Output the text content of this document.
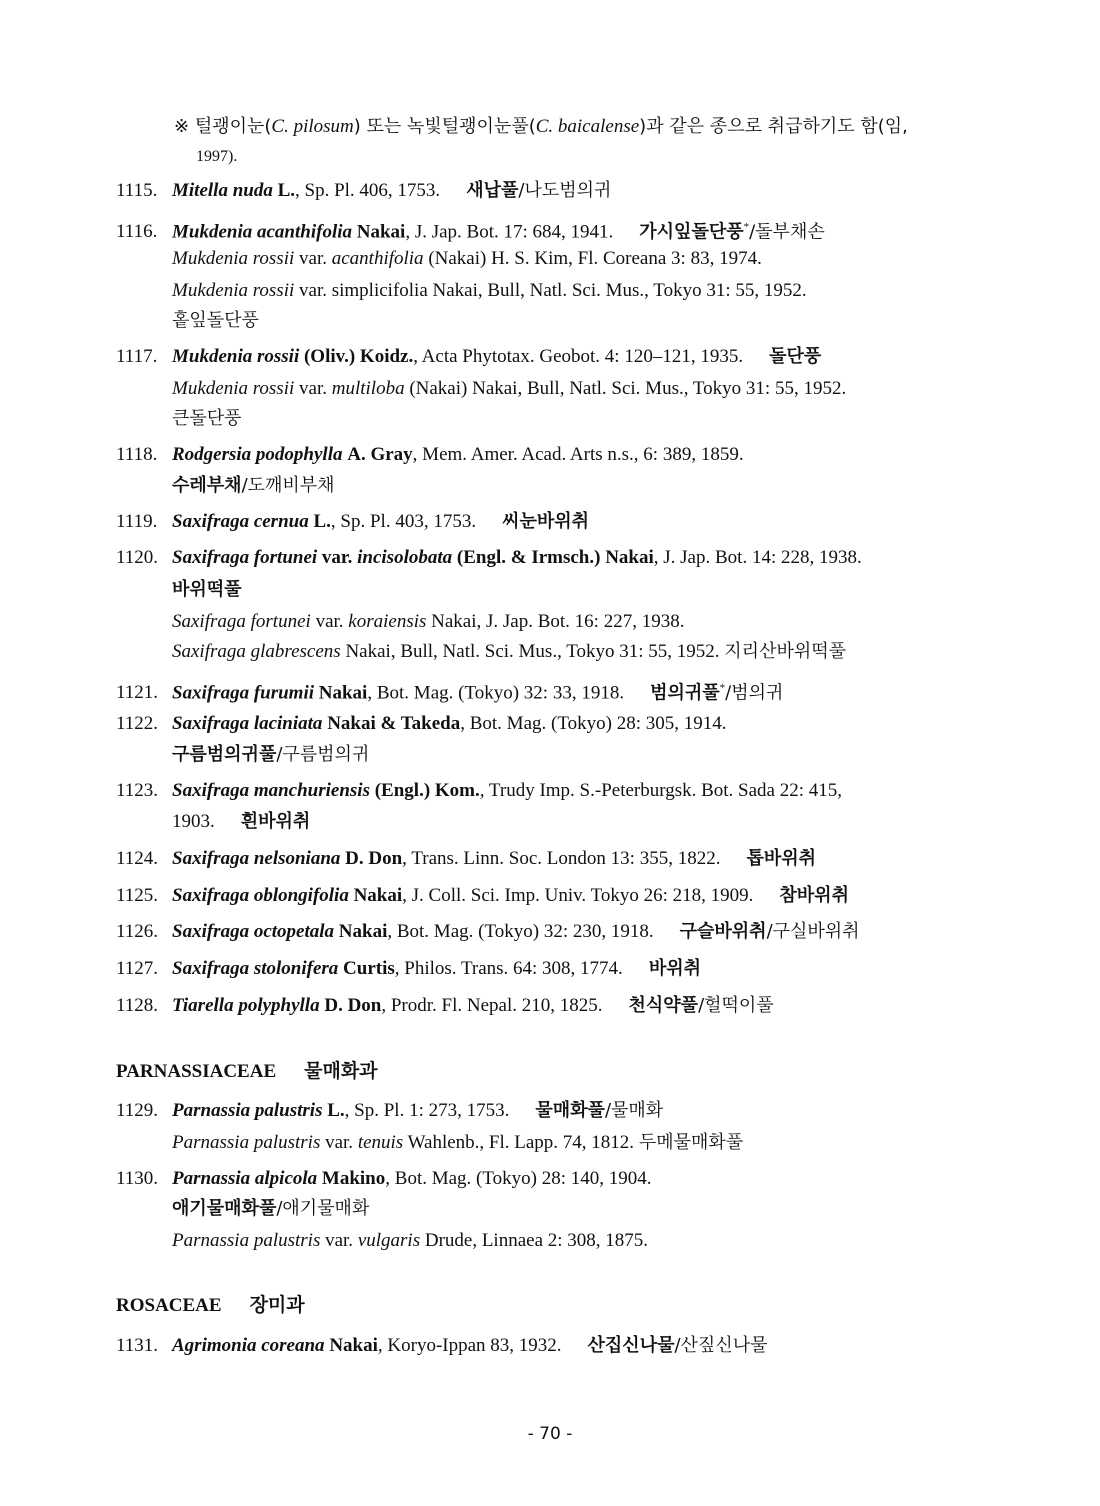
※ 털괭이눈(C. pilosum) 또는 녹빛털괭이눈풀(C. baicalense)과 같은 종으로 취급하기도 함(임,
1997).
1115. Mitella nuda L., Sp. Pl. 406, 1753. 새납풀/나도범의귀
1116. Mukdenia acanthifolia Nakai, J. Jap. Bot. 17: 684, 1941. 가시잎돌단풍*/돌부채손
Mukdenia rossii var. acanthifolia (Nakai) H. S. Kim, Fl. Coreana 3: 83, 1974.
Mukdenia rossii var. simplicifolia Nakai, Bull, Natl. Sci. Mus., Tokyo 31: 55, 1952.
홑잎돌단풍
1117. Mukdenia rossii (Oliv.) Koidz., Acta Phytotax. Geobot. 4: 120‒121, 1935. 돌단풍
Mukdenia rossii var. multiloba (Nakai) Nakai, Bull, Natl. Sci. Mus., Tokyo 31: 55, 1952.
큰돌단풍
1118. Rodgersia podophylla A. Gray, Mem. Amer. Acad. Arts n.s., 6: 389, 1859.
수레부채/도깨비부채
1119. Saxifraga cernua L., Sp. Pl. 403, 1753. 씨눈바위취
1120. Saxifraga fortunei var. incisolobata (Engl. & Irmsch.) Nakai, J. Jap. Bot. 14: 228, 1938.
바위떡풀
Saxifraga fortunei var. koraiensis Nakai, J. Jap. Bot. 16: 227, 1938.
Saxifraga glabrescens Nakai, Bull, Natl. Sci. Mus., Tokyo 31: 55, 1952. 지리산바위떡풀
1121. Saxifraga furumii Nakai, Bot. Mag. (Tokyo) 32: 33, 1918. 범의귀풀*/범의귀
1122. Saxifraga laciniata Nakai & Takeda, Bot. Mag. (Tokyo) 28: 305, 1914.
구름범의귀풀/구름범의귀
1123. Saxifraga manchuriensis (Engl.) Kom., Trudy Imp. S.-Peterburgsk. Bot. Sada 22: 415,
1903. 흰바위취
1124. Saxifraga nelsoniana D. Don, Trans. Linn. Soc. London 13: 355, 1822. 톱바위취
1125. Saxifraga oblongifolia Nakai, J. Coll. Sci. Imp. Univ. Tokyo 26: 218, 1909. 참바위취
1126. Saxifraga octopetala Nakai, Bot. Mag. (Tokyo) 32: 230, 1918. 구슬바위취/구실바위취
1127. Saxifraga stolonifera Curtis, Philos. Trans. 64: 308, 1774. 바위취
1128. Tiarella polyphylla D. Don, Prodr. Fl. Nepal. 210, 1825. 천식약풀/헐떡이풀
PARNASSIACEAE 물매화과
1129. Parnassia palustris L., Sp. Pl. 1: 273, 1753. 물매화풀/물매화
Parnassia palustris var. tenuis Wahlenb., Fl. Lapp. 74, 1812. 두메물매화풀
1130. Parnassia alpicola Makino, Bot. Mag. (Tokyo) 28: 140, 1904.
애기물매화풀/애기물매화
Parnassia palustris var. vulgaris Drude, Linnaea 2: 308, 1875.
ROSACEAE 장미과
1131. Agrimonia coreana Nakai, Koryo-Ippan 83, 1932. 산집신나물/산짚신나물
- 70 -
